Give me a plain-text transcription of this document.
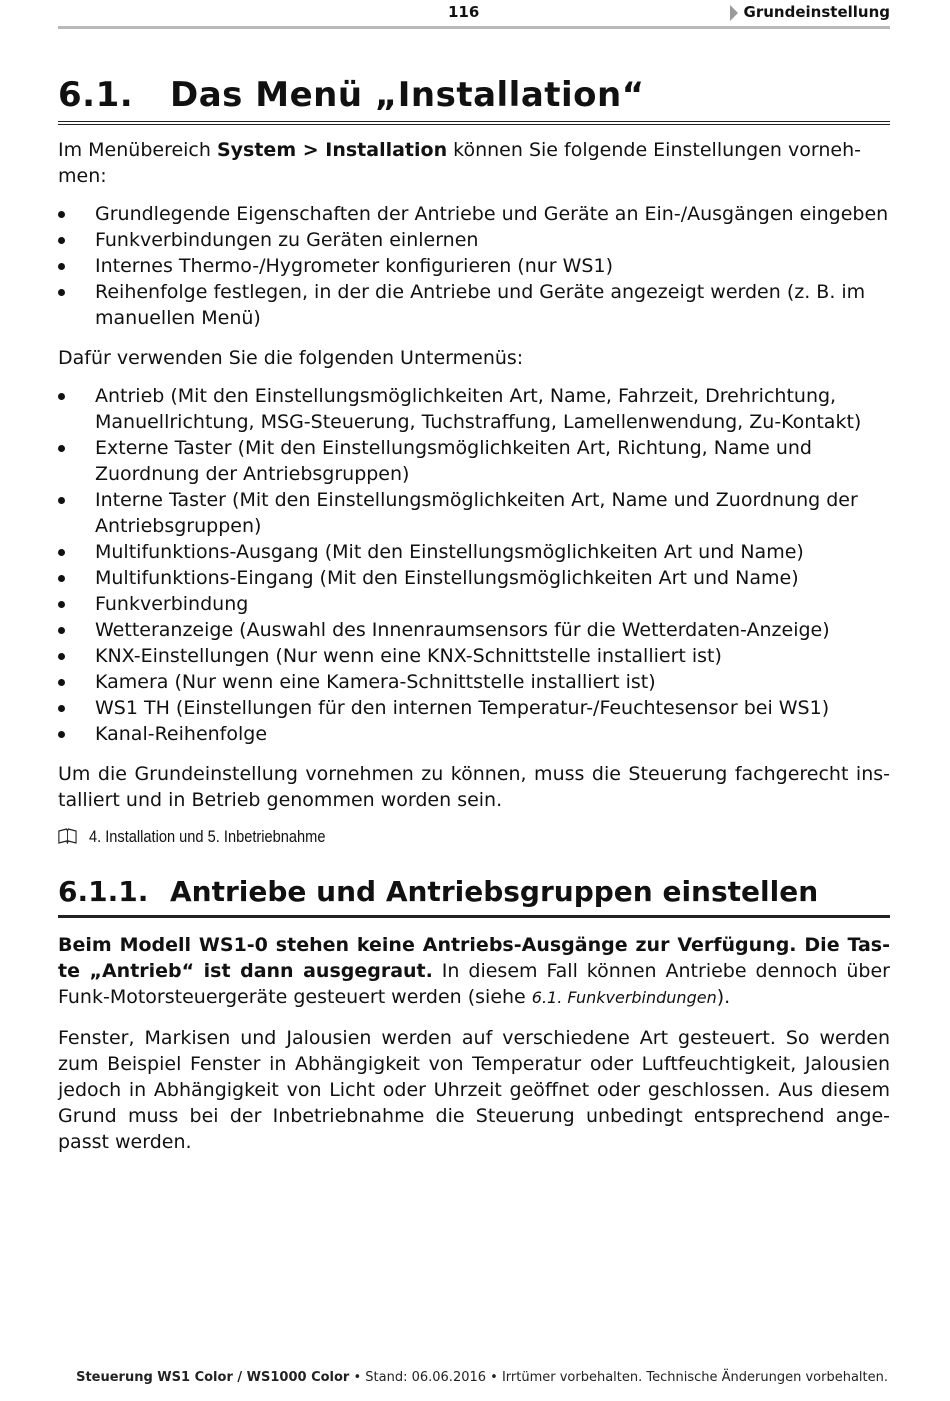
116	Grundeinstellung
6.1. Das Menü „Installation“

Im Menübereich System > Installation können Sie folgende Einstellungen vorneh-men:

Grundlegende Eigenschaften der Antriebe und Geräte an Ein-/Ausgängen eingeben
Funkverbindungen zu Geräten einlernen
Internes Thermo-/Hygrometer konfigurieren (nur WS1)
Reihenfolge festlegen, in der die Antriebe und Geräte angezeigt werden (z. B. im manuellen Menü)

Dafür verwenden Sie die folgenden Untermenüs:

Antrieb (Mit den Einstellungsmöglichkeiten Art, Name, Fahrzeit, Drehrichtung, Manuellrichtung, MSG-Steuerung, Tuchstraffung, Lamellenwendung, Zu-Kontakt)
Externe Taster (Mit den Einstellungsmöglichkeiten Art, Richtung, Name und Zuordnung der Antriebsgruppen)
Interne Taster (Mit den Einstellungsmöglichkeiten Art, Name und Zuordnung der Antriebsgruppen)
Multifunktions-Ausgang (Mit den Einstellungsmöglichkeiten Art und Name)
Multifunktions-Eingang (Mit den Einstellungsmöglichkeiten Art und Name)
Funkverbindung
Wetteranzeige (Auswahl des Innenraumsensors für die Wetterdaten-Anzeige)
KNX-Einstellungen (Nur wenn eine KNX-Schnittstelle installiert ist)
Kamera (Nur wenn eine Kamera-Schnittstelle installiert ist)
WS1 TH (Einstellungen für den internen Temperatur-/Feuchtesensor bei WS1)
Kanal-Reihenfolge

Um die Grundeinstellung vornehmen zu können, muss die Steuerung fachgerecht ins-talliert und in Betrieb genommen worden sein.

4. Installation und 5. Inbetriebnahme
6.1.1. Antriebe und Antriebsgruppen einstellen

Beim Modell WS1-0 stehen keine Antriebs-Ausgänge zur Verfügung. Die Tas-te „Antrieb“ ist dann ausgegraut. In diesem Fall können Antriebe dennoch über Funk-Motorsteuergeräte gesteuert werden (siehe 6.1. Funkverbindungen).

Fenster, Markisen und Jalousien werden auf verschiedene Art gesteuert. So werden zum Beispiel Fenster in Abhängigkeit von Temperatur oder Luftfeuchtigkeit, Jalousien jedoch in Abhängigkeit von Licht oder Uhrzeit geöffnet oder geschlossen. Aus diesem Grund muss bei der Inbetriebnahme die Steuerung unbedingt entsprechend ange-passt werden.

Steuerung WS1 Color / WS1000 Color • Stand: 06.06.2016 • Irrtümer vorbehalten. Technische Änderungen vorbehalten.
